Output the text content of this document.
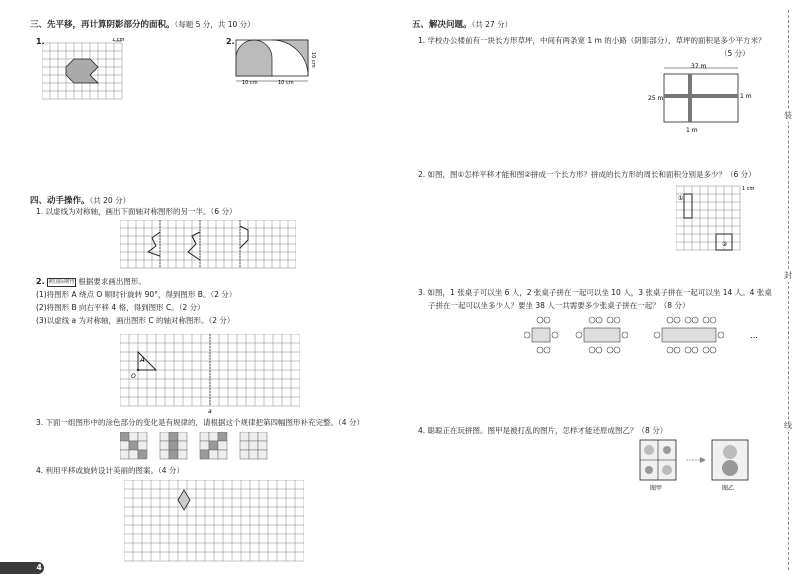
三、先平移，再计算阴影部分的面积。（每题 5 分，共 10 分）
1.	1 cm	2.
10 cm	10 cm
10 cm
四、动手操作。（共 20 分）
1. 以虚线为对称轴，画出下面轴对称图形的另一半。（6 分）
2. 跨国际期刊 根据要求画出图形。
(1)将图形 A 绕点 O 顺时针旋转 90°，得到图形 B。（2 分）
(2)将图形 B 向右平移 4 格，得到图形 C。（2 分）
(3)以虚线 a 为对称轴，画出图形 C 的轴对称图形。（2 分）
A
O
a
3. 下面一组图形中的涂色部分的变化是有规律的，请根据这个规律把第四幅图形补充完整。（4 分）
4. 利用平移或旋转设计美丽的图案。（4 分）
4
五、解决问题。（共 27 分）
1. 学校办公楼前有一块长方形草坪，中间有两条宽 1 m 的小路（阴影部分），草坪的面积是多少平方米？
（5 分）
37 m
25 m	1 m
1 m
2. 如图，图①怎样平移才能和图②拼成一个长方形？拼成的长方形的周长和面积分别是多少？（6 分）
①
②
1 cm
3. 如图，1 张桌子可以坐 6 人，2 张桌子拼在一起可以坐 10 人，3 张桌子拼在一起可以坐 14 人。4 张桌
子拼在一起可以坐多少人？要坐 38 人一共需要多少张桌子拼在一起？（8 分）
…
4. 聪聪正在玩拼图。图甲是被打乱的图片，怎样才能还原成图乙？（8 分）
图甲	图乙
装
封
线
